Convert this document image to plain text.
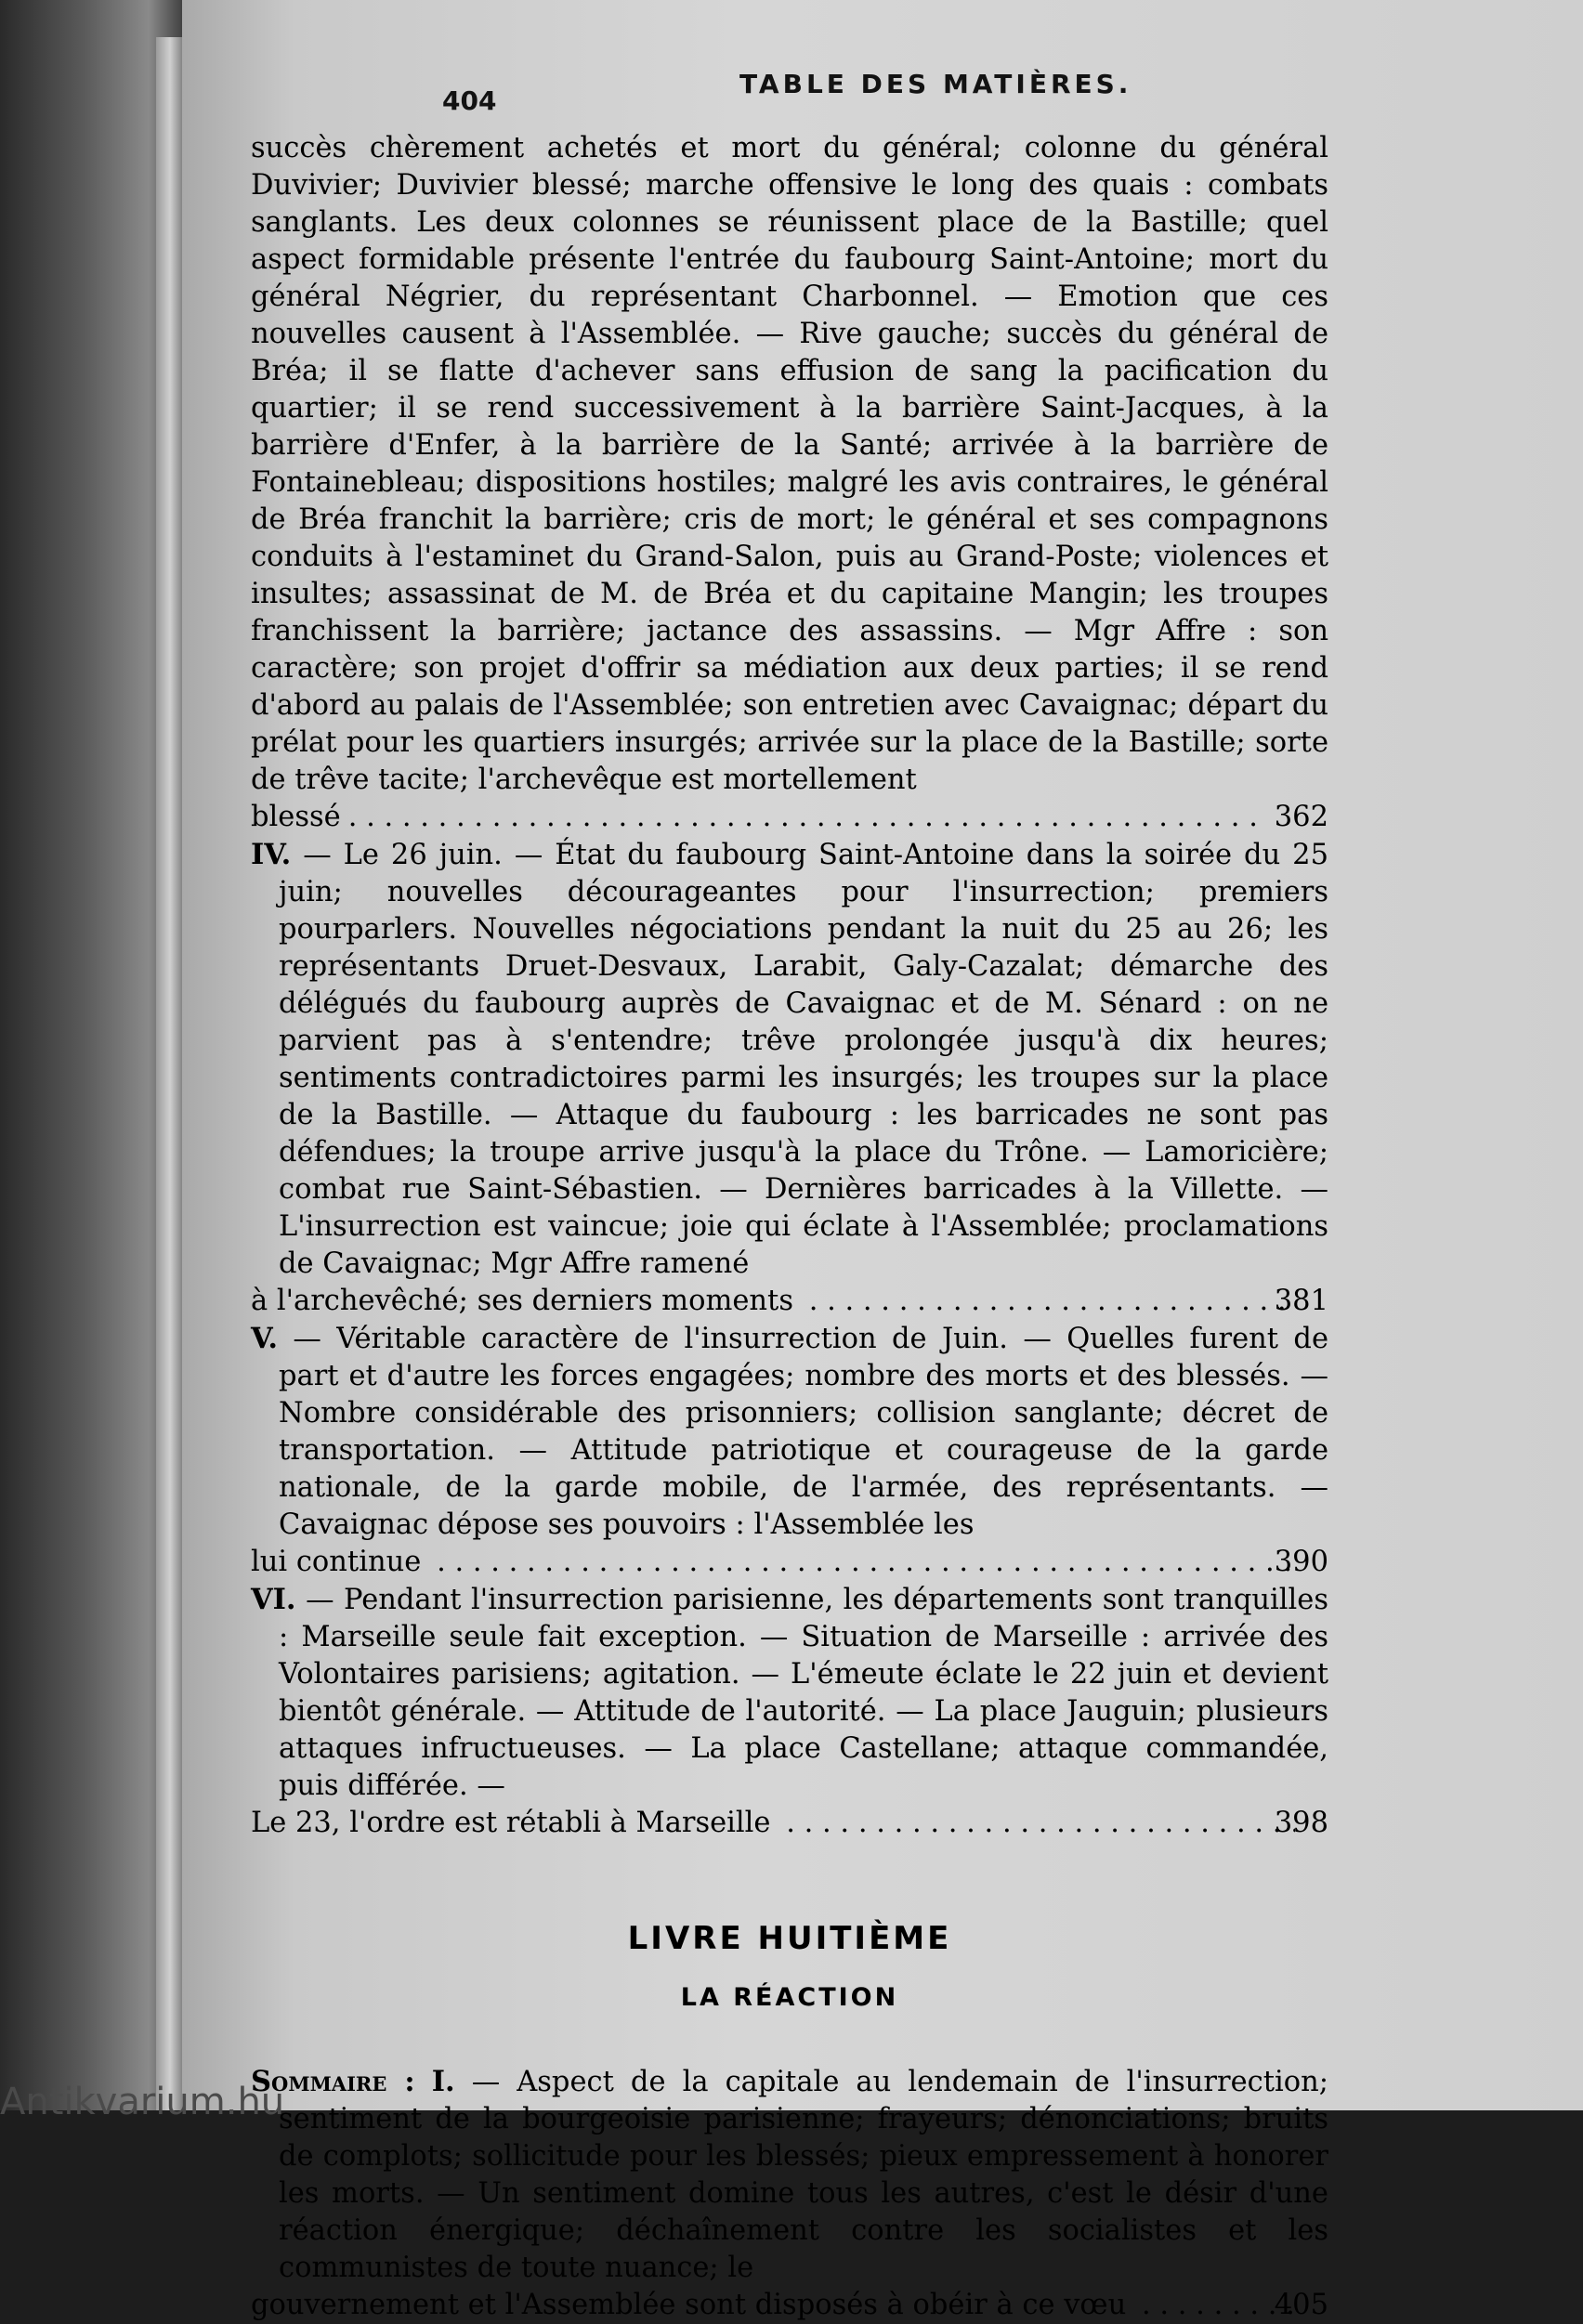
404
TABLE DES MATIÈRES.

succès chèrement achetés et mort du général; colonne du général Duvivier; Duvivier blessé; marche offensive le long des quais : combats sanglants. Les deux colonnes se réunissent place de la Bastille; quel aspect formidable présente l'entrée du faubourg Saint-Antoine; mort du général Négrier, du représentant Charbonnel. — Emotion que ces nouvelles causent à l'Assemblée. — Rive gauche; succès du général de Bréa; il se flatte d'achever sans effusion de sang la pacification du quartier; il se rend successivement à la barrière Saint-Jacques, à la barrière d'Enfer, à la barrière de la Santé; arrivée à la barrière de Fontainebleau; dispositions hostiles; malgré les avis contraires, le général de Bréa franchit la barrière; cris de mort; le général et ses compagnons conduits à l'estaminet du Grand-Salon, puis au Grand-Poste; violences et insultes; assassinat de M. de Bréa et du capitaine Mangin; les troupes franchissent la barrière; jactance des assassins. — Mgr Affre : son caractère; son projet d'offrir sa médiation aux deux parties; il se rend d'abord au palais de l'Assemblée; son entretien avec Cavaignac; départ du prélat pour les quartiers insurgés; arrivée sur la place de la Bastille; sorte de trêve tacite; l'archevêque est mortellement
blessé . . .	362

IV. — Le 26 juin. — État du faubourg Saint-Antoine dans la soirée du 25 juin; nouvelles décourageantes pour l'insurrection; premiers pourparlers. Nouvelles négociations pendant la nuit du 25 au 26; les représentants Druet-Desvaux, Larabit, Galy-Cazalat; démarche des délégués du faubourg auprès de Cavaignac et de M. Sénard : on ne parvient pas à s'entendre; trêve prolongée jusqu'à dix heures; sentiments contradictoires parmi les insurgés; les troupes sur la place de la Bastille. — Attaque du faubourg : les barricades ne sont pas défendues; la troupe arrive jusqu'à la place du Trône. — Lamoricière; combat rue Saint-Sébastien. — Dernières barricades à la Villette. — L'insurrection est vaincue; joie qui éclate à l'Assemblée; proclamations de Cavaignac; Mgr Affre ramené
à l'archevêché; ses derniers moments . . .	381

V. — Véritable caractère de l'insurrection de Juin. — Quelles furent de part et d'autre les forces engagées; nombre des morts et des blessés. — Nombre considérable des prisonniers; collision sanglante; décret de transportation. — Attitude patriotique et courageuse de la garde nationale, de la garde mobile, de l'armée, des représentants. — Cavaignac dépose ses pouvoirs : l'Assemblée les
lui continue . . .	390

VI. — Pendant l'insurrection parisienne, les départements sont tranquilles : Marseille seule fait exception. — Situation de Marseille : arrivée des Volontaires parisiens; agitation. — L'émeute éclate le 22 juin et devient bientôt générale. — Attitude de l'autorité. — La place Jauguin; plusieurs attaques infructueuses. — La place Castellane; attaque commandée, puis différée. —
Le 23, l'ordre est rétabli à Marseille . . .	398

LIVRE HUITIÈME
LA RÉACTION

Sommaire : I. — Aspect de la capitale au lendemain de l'insurrection; sentiment de la bourgeoisie parisienne; frayeurs; dénonciations; bruits de complots; sollicitude pour les blessés; pieux empressement à honorer les morts. — Un sentiment domine tous les autres, c'est le désir d'une réaction énergique; déchaînement contre les socialistes et les communistes de toute nuance; le
gouvernement et l'Assemblée sont disposés à obéir à ce vœu . . .	405

Antikvarium.hu
